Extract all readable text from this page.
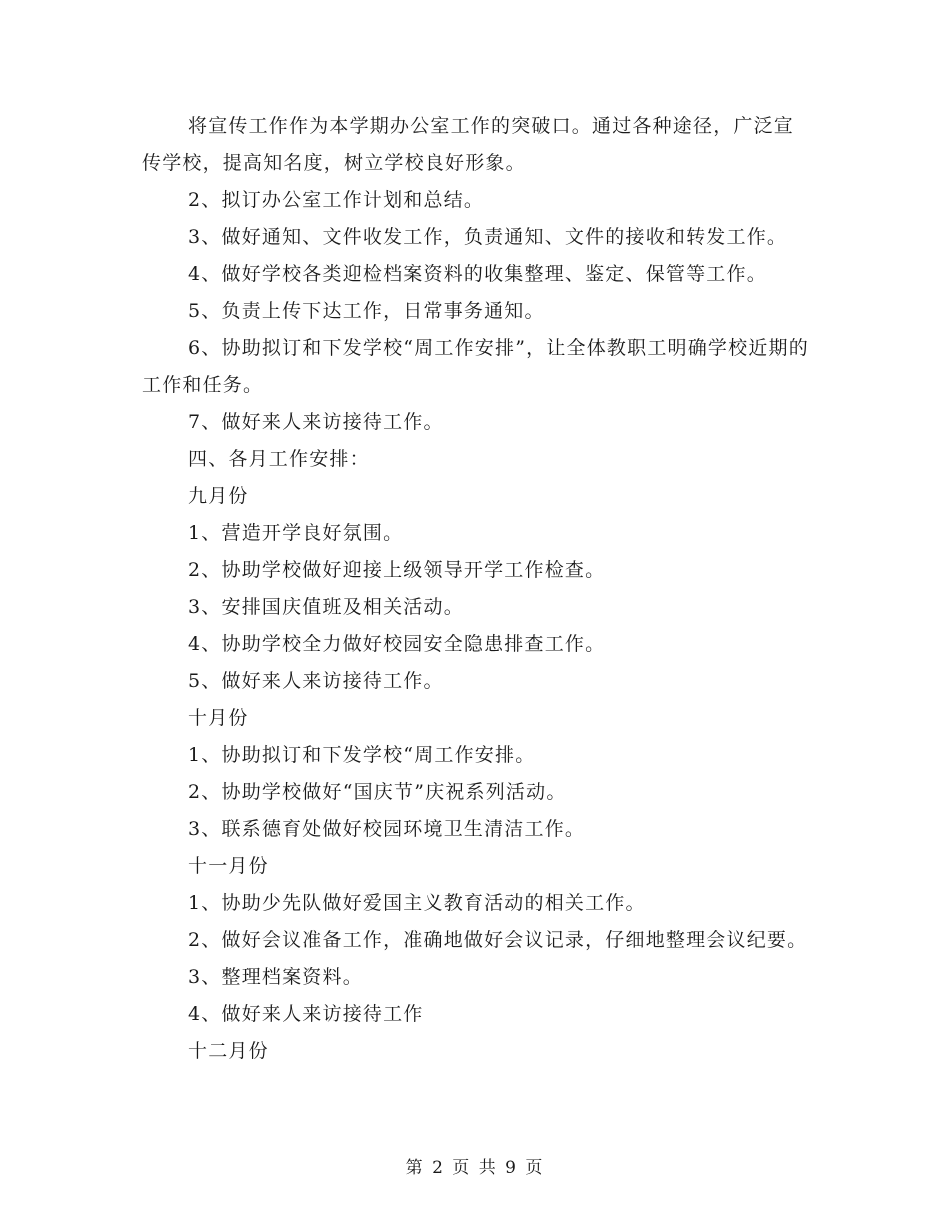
将宣传工作作为本学期办公室工作的突破口。通过各种途径，广泛宣传学校，提高知名度，树立学校良好形象。

2、拟订办公室工作计划和总结。

3、做好通知、文件收发工作，负责通知、文件的接收和转发工作。

4、做好学校各类迎检档案资料的收集整理、鉴定、保管等工作。

5、负责上传下达工作，日常事务通知。

6、协助拟订和下发学校“周工作安排”，让全体教职工明确学校近期的工作和任务。

7、做好来人来访接待工作。

四、各月工作安排：

九月份

1、营造开学良好氛围。

2、协助学校做好迎接上级领导开学工作检查。

3、安排国庆值班及相关活动。

4、协助学校全力做好校园安全隐患排查工作。

5、做好来人来访接待工作。

十月份

1、协助拟订和下发学校“周工作安排。

2、协助学校做好“国庆节”庆祝系列活动。

3、联系德育处做好校园环境卫生清洁工作。

十一月份

1、协助少先队做好爱国主义教育活动的相关工作。

2、做好会议准备工作，准确地做好会议记录，仔细地整理会议纪要。

3、整理档案资料。

4、做好来人来访接待工作

十二月份

第 2 页 共 9 页
